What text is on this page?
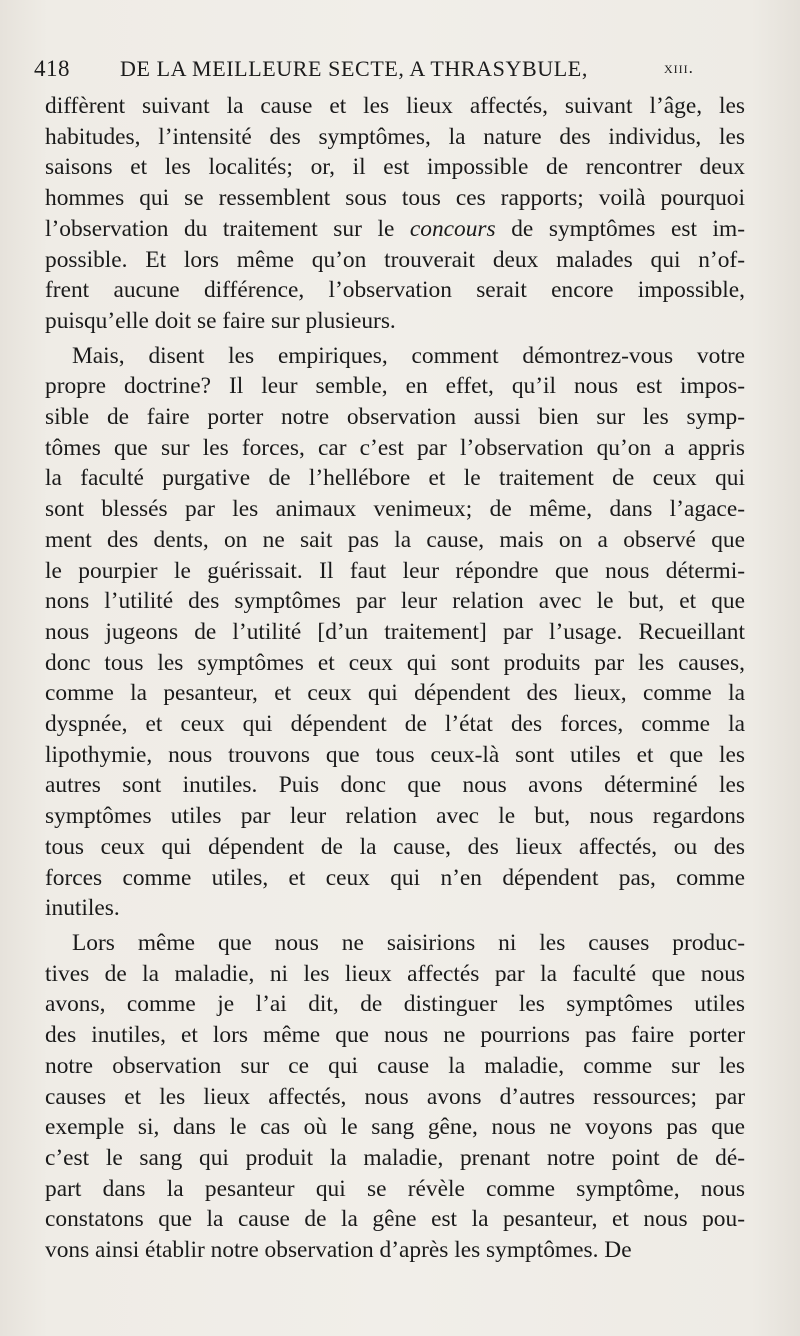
418 DE LA MEILLEURE SECTE, A THRASYBULE,	xiii.
diffèrent suivant la cause et les lieux affectés, suivant l’âge, les
habitudes, l’intensité des symptômes, la nature des individus, les
saisons et les localités; or, il est impossible de rencontrer deux
hommes qui se ressemblent sous tous ces rapports; voilà pourquoi
l’observation du traitement sur le concours de symptômes est im-
possible. Et lors même qu’on trouverait deux malades qui n’of-
frent aucune différence, l’observation serait encore impossible,
puisqu’elle doit se faire sur plusieurs.
Mais, disent les empiriques, comment démontrez-vous votre
propre doctrine? Il leur semble, en effet, qu’il nous est impos-
sible de faire porter notre observation aussi bien sur les symp-
tômes que sur les forces, car c’est par l’observation qu’on a appris
la faculté purgative de l’hellébore et le traitement de ceux qui
sont blessés par les animaux venimeux; de même, dans l’agace-
ment des dents, on ne sait pas la cause, mais on a observé que
le pourpier le guérissait. Il faut leur répondre que nous détermi-
nons l’utilité des symptômes par leur relation avec le but, et que
nous jugeons de l’utilité [d’un traitement] par l’usage. Recueillant
donc tous les symptômes et ceux qui sont produits par les causes,
comme la pesanteur, et ceux qui dépendent des lieux, comme la
dyspnée, et ceux qui dépendent de l’état des forces, comme la
lipothymie, nous trouvons que tous ceux-là sont utiles et que les
autres sont inutiles. Puis donc que nous avons déterminé les
symptômes utiles par leur relation avec le but, nous regardons
tous ceux qui dépendent de la cause, des lieux affectés, ou des
forces comme utiles, et ceux qui n’en dépendent pas, comme
inutiles.
Lors même que nous ne saisirions ni les causes produc-
tives de la maladie, ni les lieux affectés par la faculté que nous
avons, comme je l’ai dit, de distinguer les symptômes utiles
des inutiles, et lors même que nous ne pourrions pas faire porter
notre observation sur ce qui cause la maladie, comme sur les
causes et les lieux affectés, nous avons d’autres ressources; par
exemple si, dans le cas où le sang gêne, nous ne voyons pas que
c’est le sang qui produit la maladie, prenant notre point de dé-
part dans la pesanteur qui se révèle comme symptôme, nous
constatons que la cause de la gêne est la pesanteur, et nous pou-
vons ainsi établir notre observation d’après les symptômes. De
